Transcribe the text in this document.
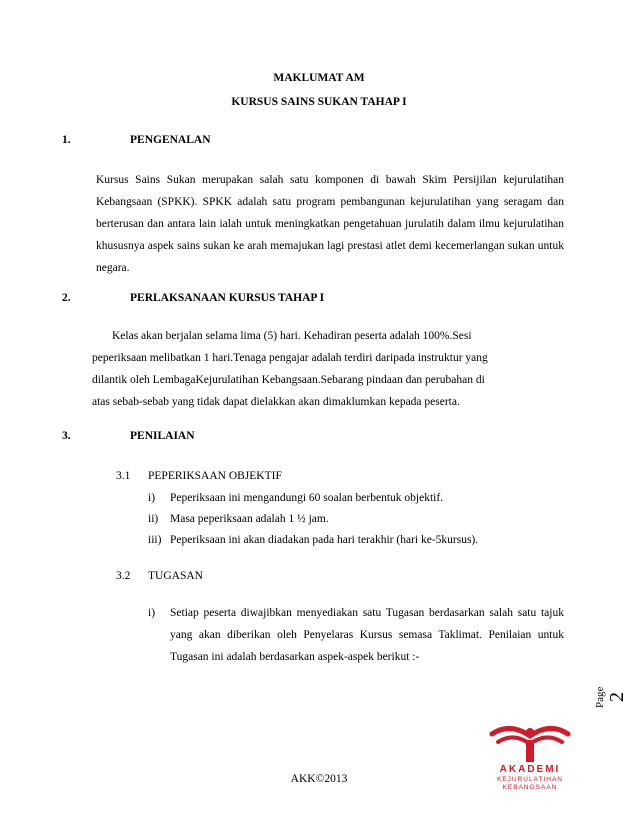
MAKLUMAT AM
KURSUS SAINS SUKAN TAHAP I
1.	PENGENALAN
Kursus Sains Sukan merupakan salah satu komponen di bawah Skim Persijilan kejurulatihan Kebangsaan (SPKK). SPKK adalah satu program pembangunan kejurulatihan yang seragam dan berterusan dan antara lain ialah untuk meningkatkan pengetahuan jurulatih dalam ilmu kejurulatihan khususnya aspek sains sukan ke arah memajukan lagi prestasi atlet demi kecemerlangan sukan untuk negara.
2.	PERLAKSANAAN KURSUS TAHAP I
Kelas akan berjalan selama lima (5) hari. Kehadiran peserta adalah 100%.Sesi
peperiksaan melibatkan 1 hari.Tenaga pengajar adalah terdiri daripada instruktur yang
dilantik oleh LembagaKejurulatihan Kebangsaan.Sebarang pindaan dan perubahan di
atas sebab-sebab yang tidak dapat dielakkan akan dimaklumkan kepada peserta.
3.	PENILAIAN
3.1 PEPERIKSAAN OBJEKTIF
i) Peperiksaan ini mengandungi 60 soalan berbentuk objektif.
ii) Masa peperiksaan adalah 1 ½ jam.
iii) Peperiksaan ini akan diadakan pada hari terakhir (hari ke-5kursus).
3.2 TUGASAN
i) Setiap peserta diwajibkan menyediakan satu Tugasan berdasarkan salah satu tajuk yang akan diberikan oleh Penyelaras Kursus semasa Taklimat. Penilaian untuk Tugasan ini adalah berdasarkan aspek-aspek berikut :-
Page 2
AKADEMI
KEJURULATIHAN
KEBANGSAAN
AKK©2013
